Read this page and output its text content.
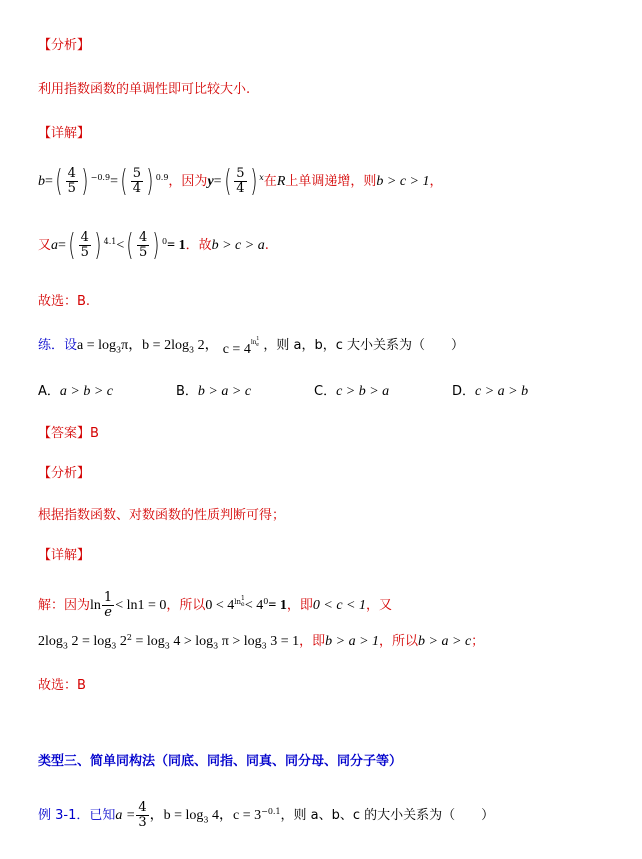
【分析】
利用指数函数的单调性即可比较大小.
【详解】
$b=( \frac{4}{5}$ ) $^{-0.9}=( \frac{5}{4}$ ) $^{0.9}$，因为$y=( \frac{5}{4}$ ) $^x$在R上单调递增，则b > c > 1，
又$a=( \frac{4}{5}$ ) $^{4.1}<( \frac{4}{5}$ ) $^0$= 1．故b > c > a.
故选：B.
练．设$a = \log_3\pi$，$b = 2\log_3$ 2， $c = 4^{ln 1 e}$ ，则 a，b，c 大小关系为（　　）
A．a > b > c	B．b > a > c	C．c > b > a	D．c > a > b
【答案】B
【分析】
根据指数函数、对数函数的性质判断可得；
【详解】
解：因为$\ln \frac{1}{e} < \ln 1 = 0$，所以$0 < 4^{ln 1 e} < 4^0= 1$，即0 < c < 1，又
$2\log_3$ $2 = \log_3 2^2 = \log_3 4 > \log_3 \pi > \log_3 3 = 1$，即b > a > 1，所以b > a > c；
故选：B
类型三、简单同构法（同底、同指、同真、同分母、同分子等）
例 3-1．已知$a = \frac{4}{3}$ ，$b = \log_3 4$，$c = 3^{-0.1}$，则 a、b、c 的大小关系为（　　）
